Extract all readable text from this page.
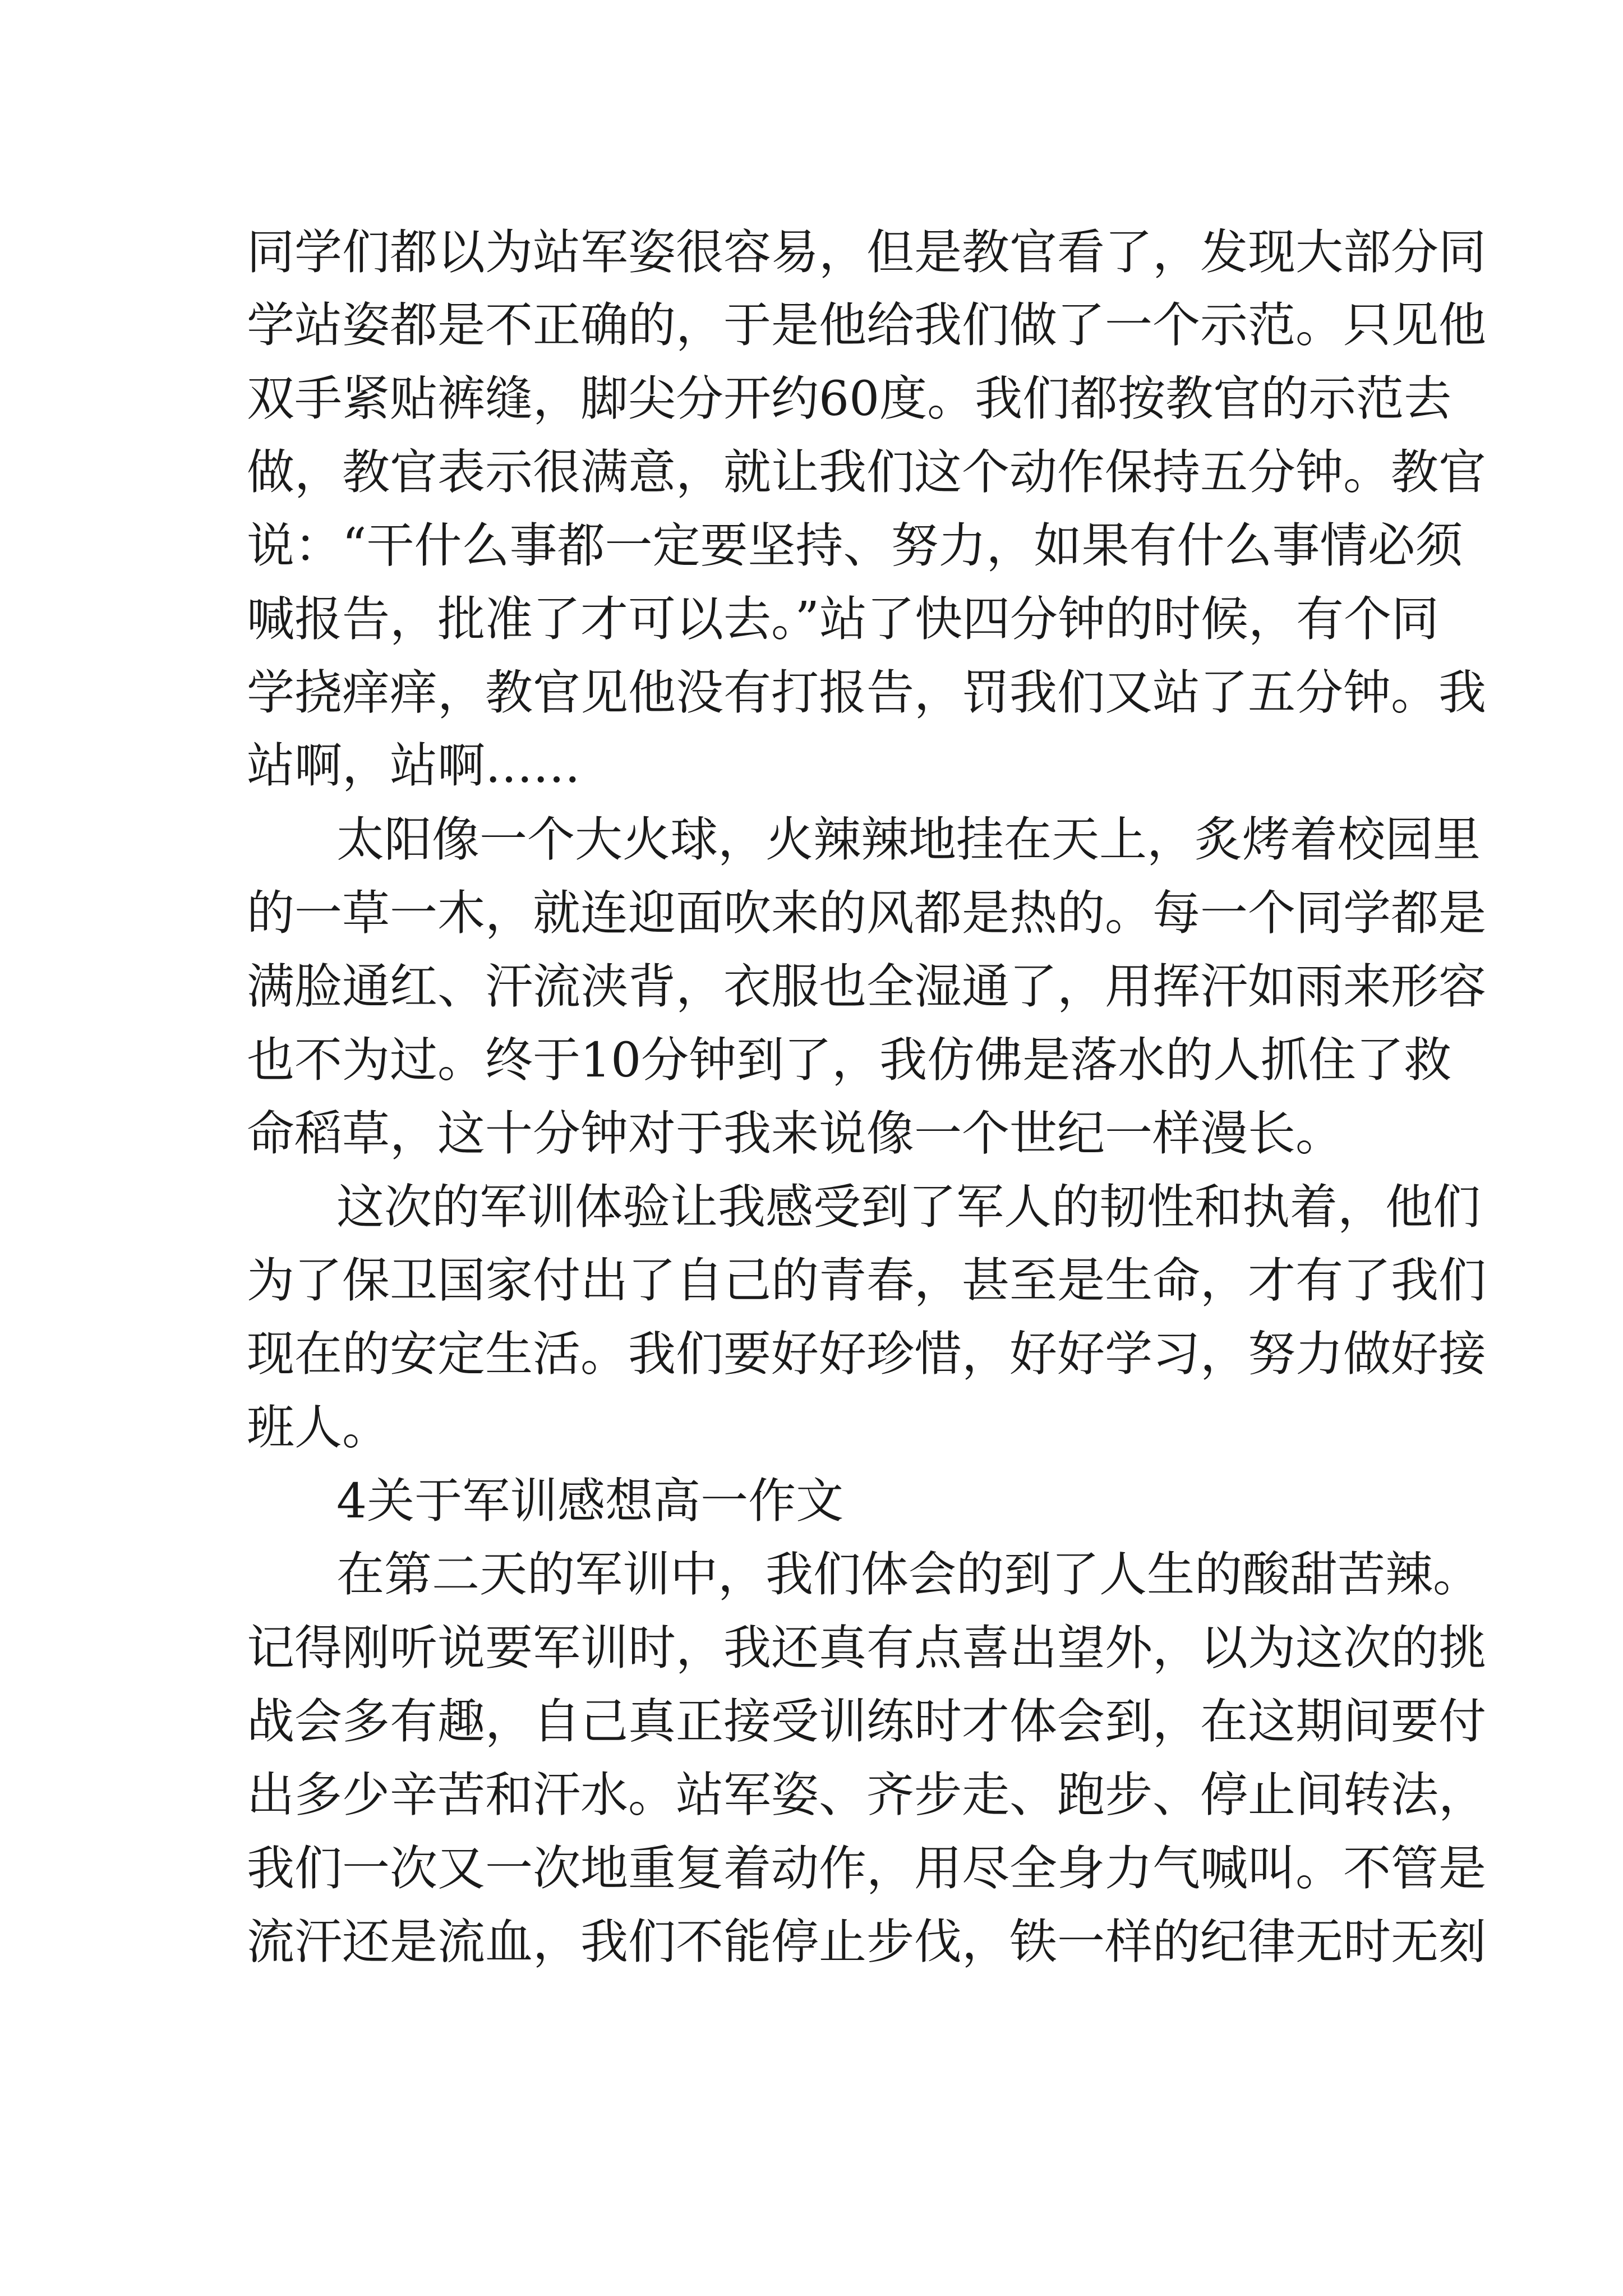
同学们都以为站军姿很容易，但是教官看了，发现大部分同
学站姿都是不正确的，于是他给我们做了一个示范。只见他
双手紧贴裤缝，脚尖分开约60度。我们都按教官的示范去
做，教官表示很满意，就让我们这个动作保持五分钟。教官
说：“干什么事都一定要坚持、努力，如果有什么事情必须
喊报告，批准了才可以去。”站了快四分钟的时候，有个同
学挠痒痒，教官见他没有打报告，罚我们又站了五分钟。我
站啊，站啊……
太阳像一个大火球，火辣辣地挂在天上，炙烤着校园里
的一草一木，就连迎面吹来的风都是热的。每一个同学都是
满脸通红、汗流浃背，衣服也全湿通了，用挥汗如雨来形容
也不为过。终于10分钟到了，我仿佛是落水的人抓住了救
命稻草，这十分钟对于我来说像一个世纪一样漫长。
这次的军训体验让我感受到了军人的韧性和执着，他们
为了保卫国家付出了自己的青春，甚至是生命，才有了我们
现在的安定生活。我们要好好珍惜，好好学习，努力做好接
班人。
4关于军训感想高一作文
在第二天的军训中，我们体会的到了人生的酸甜苦辣。
记得刚听说要军训时，我还真有点喜出望外，以为这次的挑
战会多有趣，自己真正接受训练时才体会到，在这期间要付
出多少辛苦和汗水。站军姿、齐步走、跑步、停止间转法，
我们一次又一次地重复着动作，用尽全身力气喊叫。不管是
流汗还是流血，我们不能停止步伐，铁一样的纪律无时无刻
